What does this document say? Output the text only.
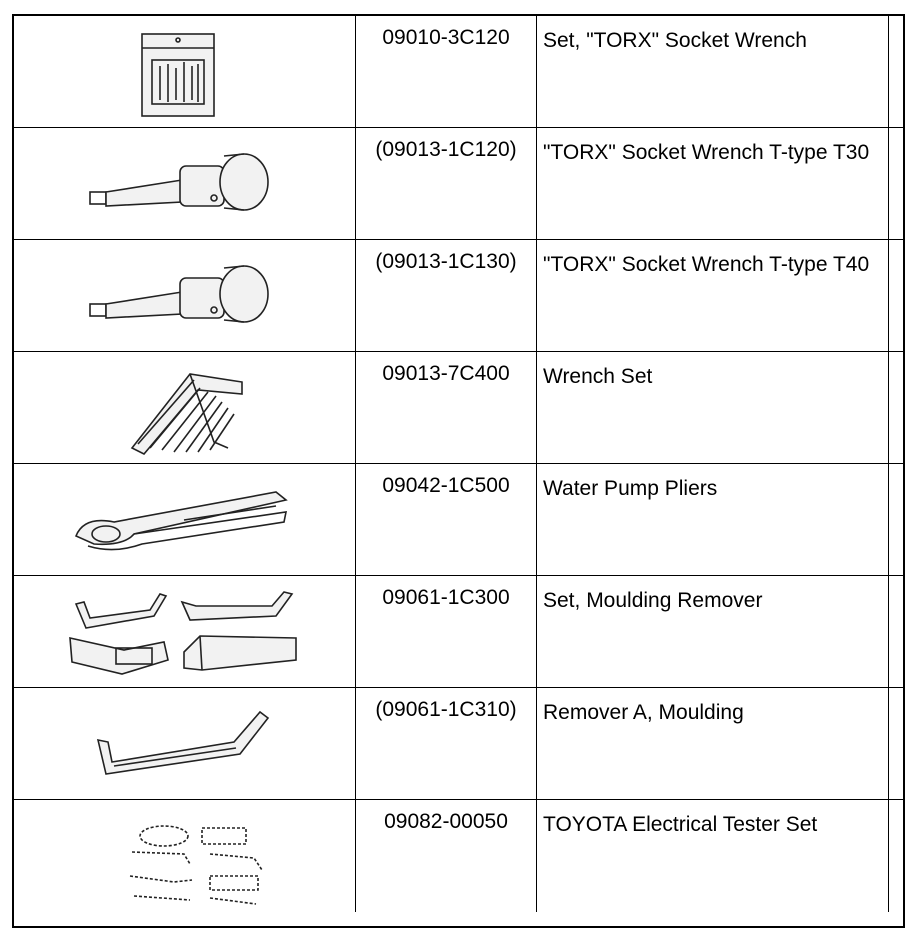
09010-3C120	Set, "TORX" Socket Wrench
(09013-1C120)	"TORX" Socket Wrench T-type T30
(09013-1C130)	"TORX" Socket Wrench T-type T40
09013-7C400	Wrench Set
09042-1C500	Water Pump Pliers
09061-1C300	Set, Moulding Remover
(09061-1C310)	Remover A, Moulding
09082-00050	TOYOTA Electrical Tester Set
